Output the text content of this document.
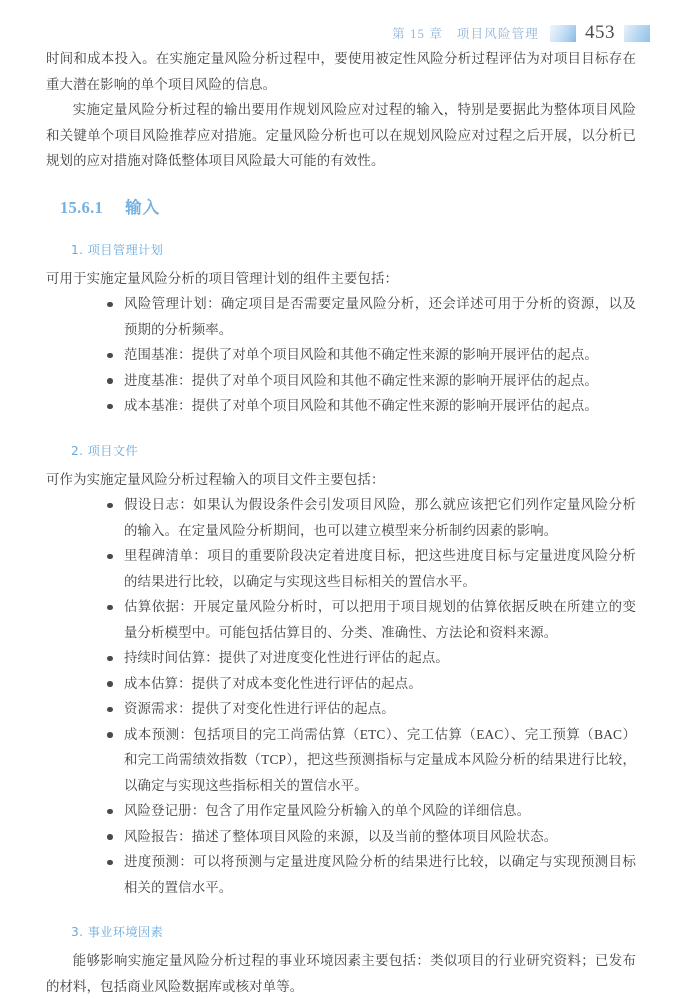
第 15 章　项目风险管理 453

时间和成本投入。在实施定量风险分析过程中，要使用被定性风险分析过程评估为对项目目标存在重大潜在影响的单个项目风险的信息。

实施定量风险分析过程的输出要用作规划风险应对过程的输入，特别是要据此为整体项目风险和关键单个项目风险推荐应对措施。定量风险分析也可以在规划风险应对过程之后开展，以分析已规划的应对措施对降低整体项目风险最大可能的有效性。

15.6.1 输入
1. 项目管理计划

可用于实施定量风险分析的项目管理计划的组件主要包括：

风险管理计划：确定项目是否需要定量风险分析，还会详述可用于分析的资源，以及预期的分析频率。
范围基准：提供了对单个项目风险和其他不确定性来源的影响开展评估的起点。
进度基准：提供了对单个项目风险和其他不确定性来源的影响开展评估的起点。
成本基准：提供了对单个项目风险和其他不确定性来源的影响开展评估的起点。
2. 项目文件

可作为实施定量风险分析过程输入的项目文件主要包括：

假设日志：如果认为假设条件会引发项目风险，那么就应该把它们列作定量风险分析的输入。在定量风险分析期间，也可以建立模型来分析制约因素的影响。
里程碑清单：项目的重要阶段决定着进度目标，把这些进度目标与定量进度风险分析的结果进行比较，以确定与实现这些目标相关的置信水平。
估算依据：开展定量风险分析时，可以把用于项目规划的估算依据反映在所建立的变量分析模型中。可能包括估算目的、分类、准确性、方法论和资料来源。
持续时间估算：提供了对进度变化性进行评估的起点。
成本估算：提供了对成本变化性进行评估的起点。
资源需求：提供了对变化性进行评估的起点。
成本预测：包括项目的完工尚需估算（ETC）、完工估算（EAC）、完工预算（BAC）和完工尚需绩效指数（TCP），把这些预测指标与定量成本风险分析的结果进行比较，以确定与实现这些指标相关的置信水平。
风险登记册：包含了用作定量风险分析输入的单个风险的详细信息。
风险报告：描述了整体项目风险的来源，以及当前的整体项目风险状态。
进度预测：可以将预测与定量进度风险分析的结果进行比较，以确定与实现预测目标相关的置信水平。
3. 事业环境因素

能够影响实施定量风险分析过程的事业环境因素主要包括：类似项目的行业研究资料；已发布的材料，包括商业风险数据库或核对单等。
